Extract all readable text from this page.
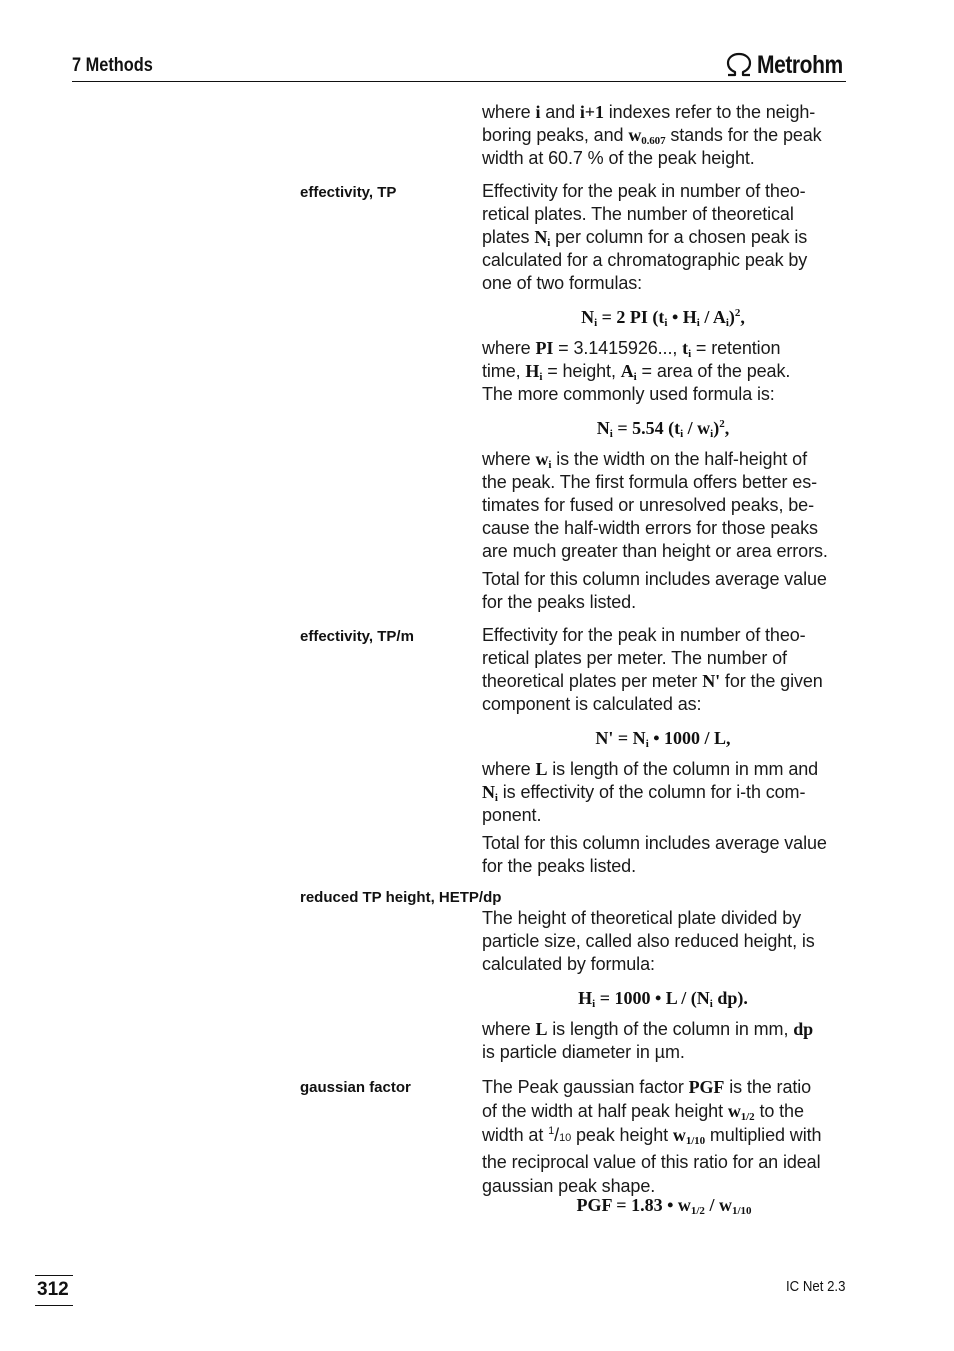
7 Methods	Metrohm
where i and i+1 indexes refer to the neigh-
boring peaks, and $w_{0.607}$ stands for the peak
width at 60.7 % of the peak height.
effectivity, TP	Effectivity for the peak in number of theo-
retical plates. The number of theoretical
plates $N_i$ per column for a chosen peak is
calculated for a chromatographic peak by
one of two formulas:
$N_i = 2$ PI ($t_i$ • $H_i / A_i)^2$,
where PI = 3.1415926..., $t_i$ = retention
time, $H_i$ = height, $A_i$ = area of the peak.
The more commonly used formula is:
$N_i = 5.54$ $(t_i / w_i)^2$,
where $w_i$ is the width on the half-height of
the peak. The first formula offers better es-
timates for fused or unresolved peaks, be-
cause the half-width errors for those peaks
are much greater than height or area errors.
Total for this column includes average value
for the peaks listed.
effectivity, TP/m	Effectivity for the peak in number of theo-
retical plates per meter. The number of
theoretical plates per meter N' for the given
component is calculated as:
$N' = N_i$ • 1000 / L,
where L is length of the column in mm and
$N_i$ is effectivity of the column for i-th com-
ponent.
Total for this column includes average value
for the peaks listed.
reduced TP height, HETP/dp
The height of theoretical plate divided by
particle size, called also reduced height, is
calculated by formula:
$H_i = 1000$ • L / ($N_i$ dp).
where L is length of the column in mm, dp
is particle diameter in µm.
gaussian factor	The Peak gaussian factor PGF is the ratio
of the width at half peak height $w_{1/2}$ to the
width at $^1$/10 peak height $w_{1/10}$ multiplied with
the reciprocal value of this ratio for an ideal
gaussian peak shape.
PGF = 1.83 • $w_{1/2} / w_{1/10}$
312	IC Net 2.3
